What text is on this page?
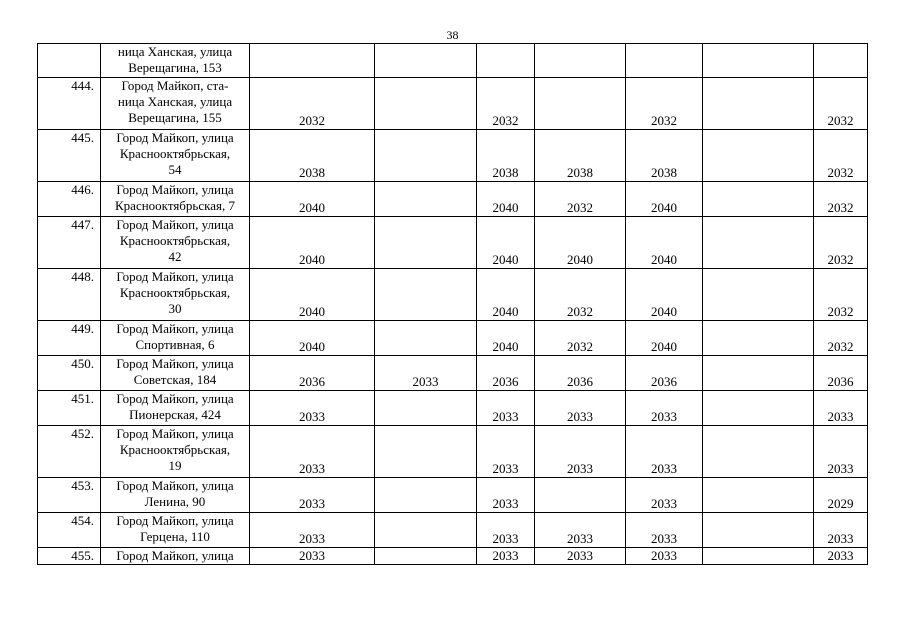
38
	ница Ханская, улица
Верещагина, 153							
444.	Город Майкоп, ста-
ница Ханская, улица
Верещагина, 155	2032		2032		2032		2032
445.	Город Майкоп, улица
Краснооктябрьская,
54	2038		2038	2038	2038		2032
446.	Город Майкоп, улица
Краснооктябрьская, 7	2040		2040	2032	2040		2032
447.	Город Майкоп, улица
Краснооктябрьская,
42	2040		2040	2040	2040		2032
448.	Город Майкоп, улица
Краснооктябрьская,
30	2040		2040	2032	2040		2032
449.	Город Майкоп, улица
Спортивная, 6	2040		2040	2032	2040		2032
450.	Город Майкоп, улица
Советская, 184	2036	2033	2036	2036	2036		2036
451.	Город Майкоп, улица
Пионерская, 424	2033		2033	2033	2033		2033
452.	Город Майкоп, улица
Краснооктябрьская,
19	2033		2033	2033	2033		2033
453.	Город Майкоп, улица
Ленина, 90	2033		2033		2033		2029
454.	Город Майкоп, улица
Герцена, 110	2033		2033	2033	2033		2033
455.	Город Майкоп, улица	2033		2033	2033	2033		2033
